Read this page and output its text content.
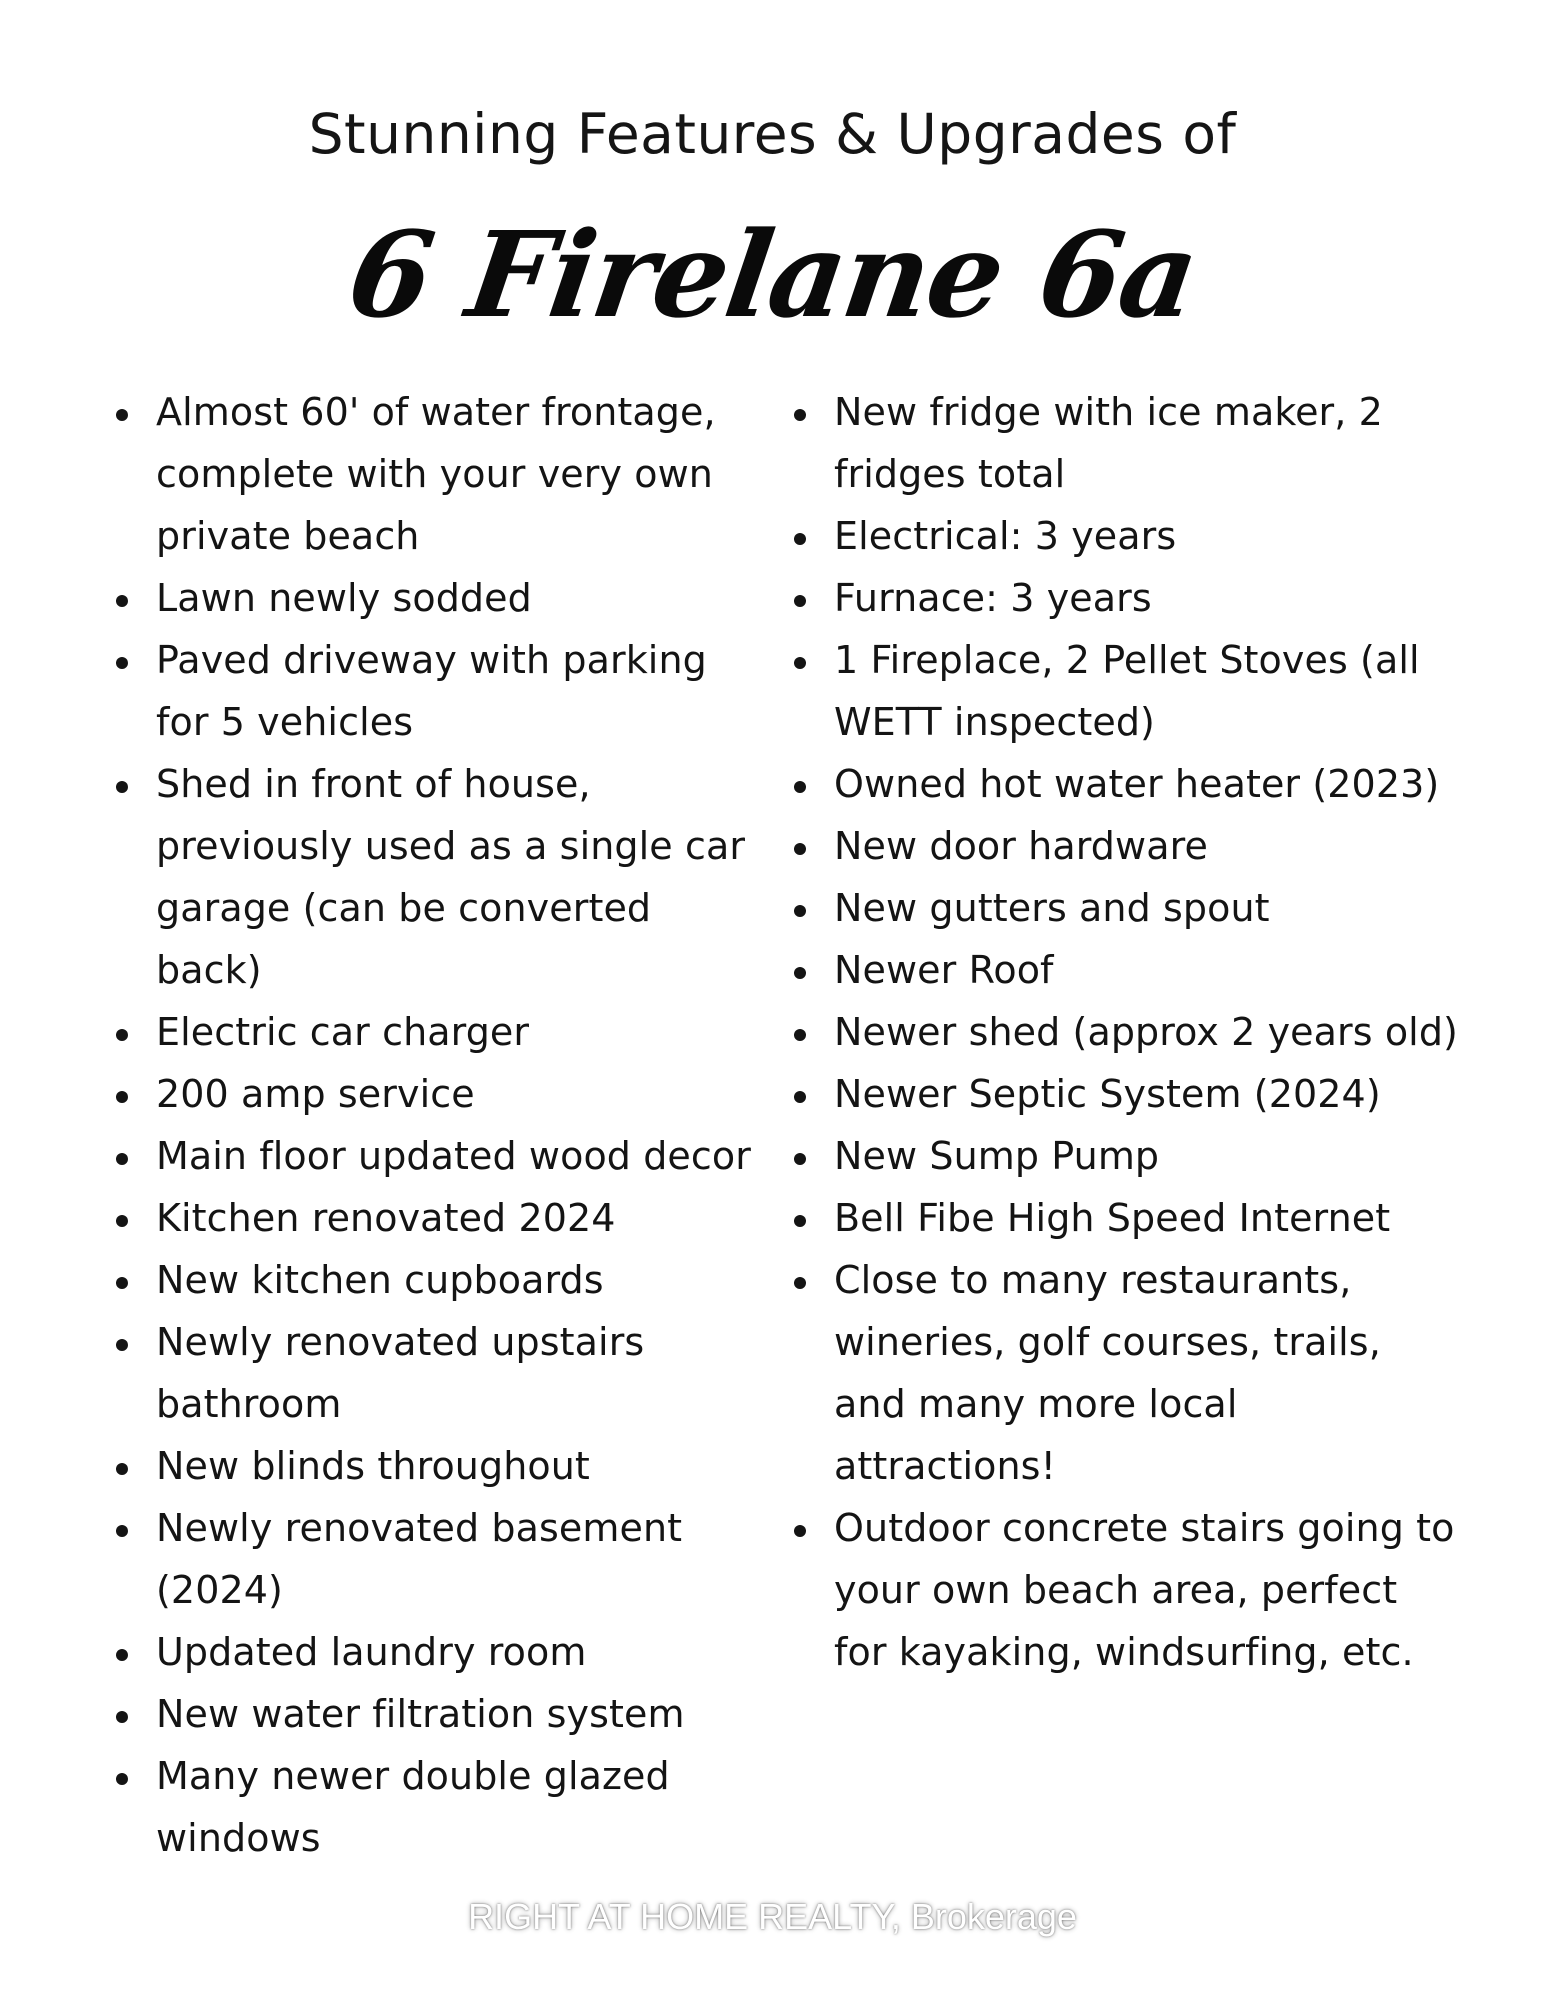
Stunning Features & Upgrades of
6 Firelane 6a
Almost 60' of water frontage, complete with your very own private beach
Lawn newly sodded
Paved driveway with parking for 5 vehicles
Shed in front of house, previously used as a single car garage (can be converted back)
Electric car charger
200 amp service
Main floor updated wood decor
Kitchen renovated 2024
New kitchen cupboards
Newly renovated upstairs bathroom
New blinds throughout
Newly renovated basement (2024)
Updated laundry room
New water filtration system
Many newer double glazed windows
New fridge with ice maker, 2 fridges total
Electrical: 3 years
Furnace: 3 years
1 Fireplace, 2 Pellet Stoves (all WETT inspected)
Owned hot water heater (2023)
New door hardware
New gutters and spout
Newer Roof
Newer shed (approx 2 years old)
Newer Septic System (2024)
New Sump Pump
Bell Fibe High Speed Internet
Close to many restaurants, wineries, golf courses, trails, and many more local attractions!
Outdoor concrete stairs going to your own beach area, perfect for kayaking, windsurfing, etc.
RIGHT AT HOME REALTY, Brokerage
